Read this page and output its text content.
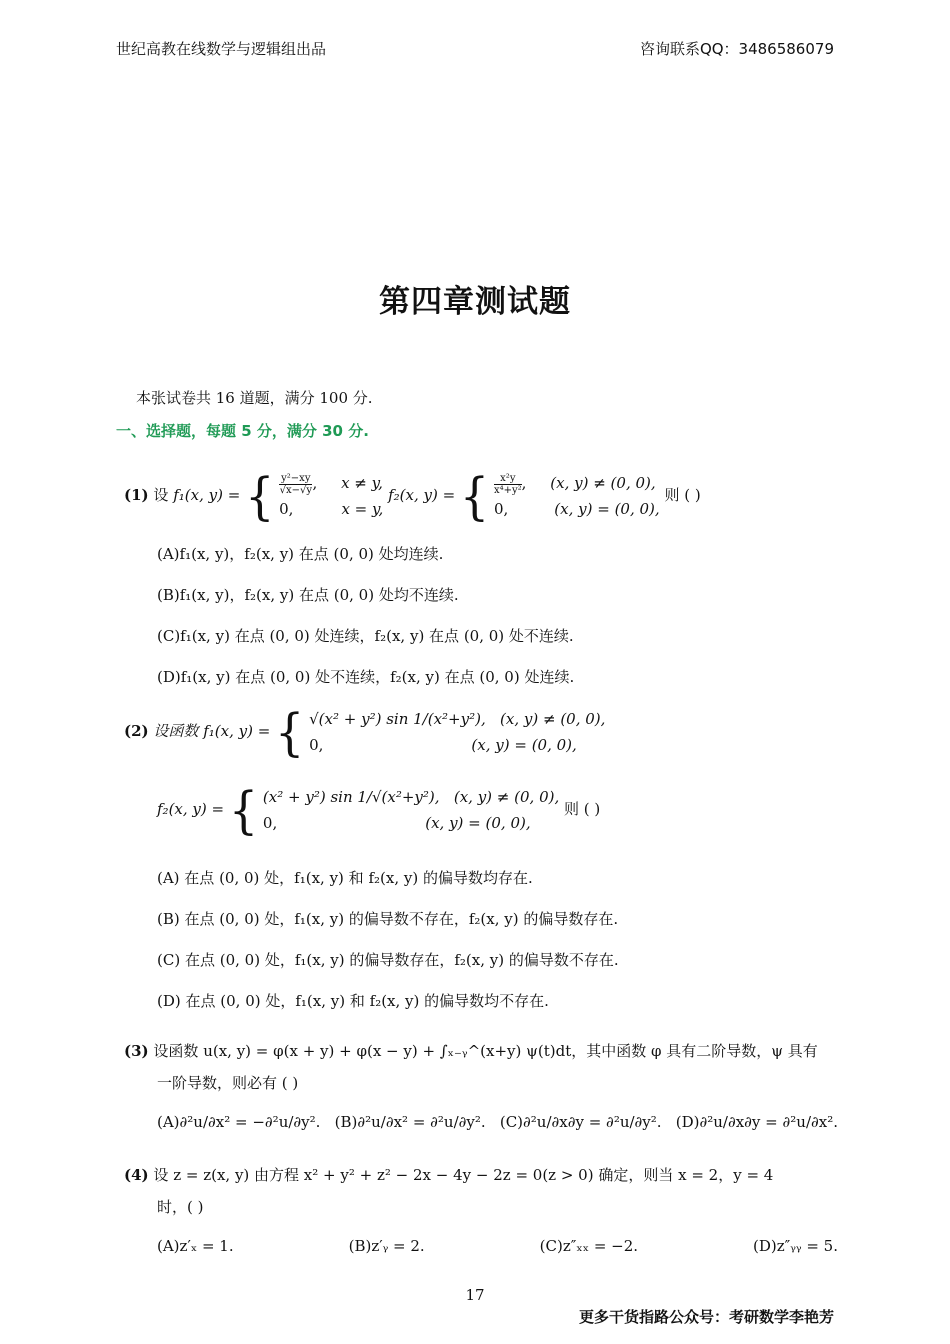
世纪高教在线数学与逻辑组出品	咨询联系QQ：3486586079
第四章测试题
本张试卷共 16 道题，满分 100 分.
一、选择题，每题 5 分，满分 30 分.
(1) 设 f₁(x, y) = { $\frac{\text{y²−xy}}{√x-√y}$ ,     x ≠ y,
0,	x = y,
f₂(x, y) = { $\frac{\text{x²y}}{\text{x⁴+y²}}$ ,     (x, y) ≠ (0, 0),
0,	(x, y) = (0, 0),
则 ( )
(A)f₁(x, y)，f₂(x, y) 在点 (0, 0) 处均连续.
(B)f₁(x, y)，f₂(x, y) 在点 (0, 0) 处均不连续.
(C)f₁(x, y) 在点 (0, 0) 处连续，f₂(x, y) 在点 (0, 0) 处不连续.
(D)f₁(x, y) 在点 (0, 0) 处不连续，f₂(x, y) 在点 (0, 0) 处连续.
(2) 设函数 f₁(x, y) = { √(x² + y²) sin 1/(x²+y²), (x, y) ≠ (0, 0),
0,	(x, y) = (0, 0),
f₂(x, y) = { (x² + y²) sin 1/√(x²+y²), (x, y) ≠ (0, 0),
0,	(x, y) = (0, 0),
则 ( )
(A) 在点 (0, 0) 处，f₁(x, y) 和 f₂(x, y) 的偏导数均存在.
(B) 在点 (0, 0) 处，f₁(x, y) 的偏导数不存在，f₂(x, y) 的偏导数存在.
(C) 在点 (0, 0) 处，f₁(x, y) 的偏导数存在，f₂(x, y) 的偏导数不存在.
(D) 在点 (0, 0) 处，f₁(x, y) 和 f₂(x, y) 的偏导数均不存在.
(3) 设函数 u(x, y) = φ(x + y) + φ(x − y) + ∫ₓ₋ᵧ^(x+y) ψ(t)dt，其中函数 φ 具有二阶导数，ψ 具有
一阶导数，则必有 ( )
(A)∂²u/∂x² = −∂²u/∂y². (B)∂²u/∂x² = ∂²u/∂y². (C)∂²u/∂x∂y = ∂²u/∂y². (D)∂²u/∂x∂y = ∂²u/∂x².
(4) 设 z = z(x, y) 由方程 x² + y² + z² − 2x − 4y − 2z = 0(z > 0) 确定，则当 x = 2，y = 4
时，( )
(A)z′ₓ = 1.	(B)z′ᵧ = 2.	(C)z″ₓₓ = −2.	(D)z″ᵧᵧ = 5.
17
更多干货指路公众号：考研数学李艳芳
